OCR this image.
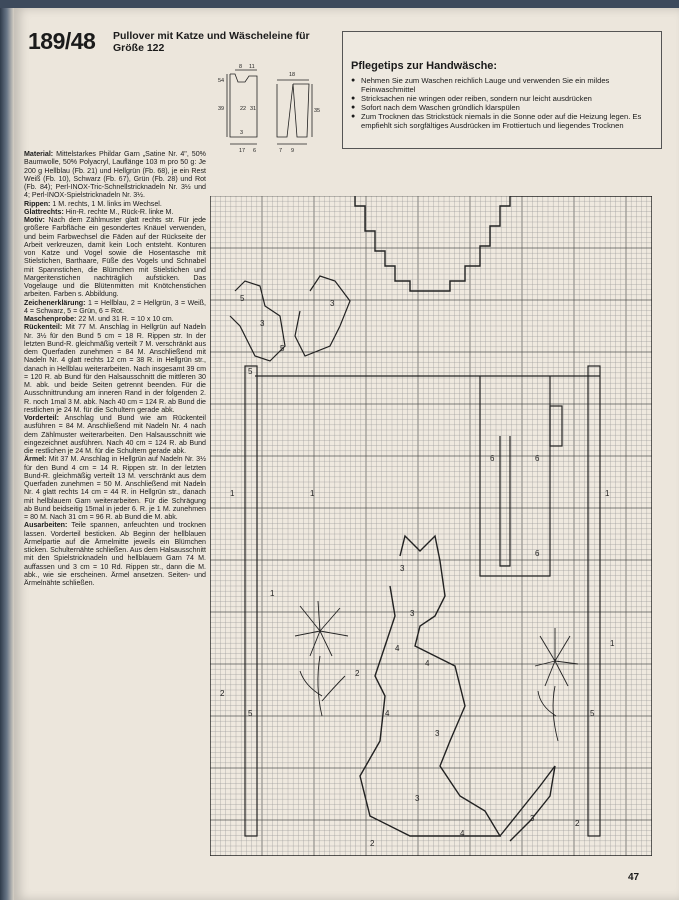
189/48 Pullover mit Katze und Wäscheleine für Größe 122
8 11
54
39
3
22 31	35
17 6
18
7 9
Pflegetips zur Handwäsche:
● Nehmen Sie zum Waschen reichlich Lauge und verwenden Sie ein mildes Feinwaschmittel
● Stricksachen nie wringen oder reiben, sondern nur leicht ausdrücken
● Sofort nach dem Waschen gründlich klarspülen
● Zum Trocknen das Strickstück niemals in die Sonne oder auf die Heizung legen. Es empfiehlt sich sorgfältiges Ausdrücken im Frottiertuch und liegendes Trocknen

Material: Mittelstarkes Phildar Garn „Satine Nr. 4", 50% Baumwolle, 50% Polyacryl, Lauflänge 103 m pro 50 g: Je 200 g Hellblau (Fb. 21) und Hellgrün (Fb. 68), je ein Rest Weiß (Fb. 10), Schwarz (Fb. 67), Grün (Fb. 28) und Rot (Fb. 84); Perl-INOX-Tric-Schnellstricknadeln Nr. 3½ und 4; Perl-INOX-Spielstricknadeln Nr. 3½.

Rippen: 1 M. rechts, 1 M. links im Wechsel.

Glattrechts: Hin-R. rechte M., Rück-R. linke M.

Motiv: Nach dem Zählmuster glatt rechts str. Für jede größere Farbfläche ein gesondertes Knäuel verwenden, und beim Farbwechsel die Fäden auf der Rückseite der Arbeit verkreuzen, damit kein Loch entsteht. Konturen von Katze und Vogel sowie die Hosentasche mit Stielstichen, Barthaare, Füße des Vogels und Schnabel mit Spannstichen, die Blümchen mit Stielstichen und Margeritenstichen nachträglich aufsticken. Das Vogelauge und die Blütenmitten mit Knötchenstichen arbeiten. Farben s. Abbildung.

Zeichenerklärung: 1 = Hellblau, 2 = Hellgrün, 3 = Weiß, 4 = Schwarz, 5 = Grün, 6 = Rot.

Maschenprobe: 22 M. und 31 R. = 10 x 10 cm.

Rückenteil: Mit 77 M. Anschlag in Hellgrün auf Nadeln Nr. 3½ für den Bund 5 cm = 18 R. Rippen str. In der letzten Bund-R. gleichmäßig verteilt 7 M. verschränkt aus dem Querfaden zunehmen = 84 M. Anschließend mit Nadeln Nr. 4 glatt rechts 12 cm = 38 R. in Hellgrün str., danach in Hellblau weiterarbeiten. Nach insgesamt 39 cm = 120 R. ab Bund für den Halsausschnitt die mittleren 30 M. abk. und beide Seiten getrennt beenden. Für die Ausschnittrundung am inneren Rand in der folgenden 2. R. noch 1mal 3 M. abk. Nach 40 cm = 124 R. ab Bund die restlichen je 24 M. für die Schultern gerade abk.

Vorderteil: Anschlag und Bund wie am Rückenteil ausführen = 84 M. Anschließend mit Nadeln Nr. 4 nach dem Zählmuster weiterarbeiten. Den Halsausschnitt wie eingezeichnet ausführen. Nach 40 cm = 124 R. ab Bund die restlichen je 24 M. für die Schultern gerade abk.

Ärmel: Mit 37 M. Anschlag in Hellgrün auf Nadeln Nr. 3½ für den Bund 4 cm = 14 R. Rippen str. In der letzten Bund-R. gleichmäßig verteilt 13 M. verschränkt aus dem Querfaden zunehmen = 50 M. Anschließend mit Nadeln Nr. 4 glatt rechts 14 cm = 44 R. in Hellgrün str., danach mit hellblauem Garn weiterarbeiten. Für die Schrägung ab Bund beidseitig 15mal in jeder 6. R. je 1 M. zunehmen = 80 M. Nach 31 cm = 96 R. ab Bund die M. abk.

Ausarbeiten: Teile spannen, anfeuchten und trocknen lassen. Vorderteil besticken. Ab Beginn der hellblauen Ärmelpartie auf die Ärmelmitte jeweils ein Blümchen sticken. Schulternähte schließen. Aus dem Halsausschnitt mit den Spielstricknadeln und hellblauem Garn 74 M. auffassen und 3 cm = 10 Rd. Rippen str., dann die M. abk., wie sie erscheinen. Ärmel ansetzen. Seiten- und Ärmelnähte schließen.

3
3
5
5
5
6	6
6
3
3
4
4
4
3
3
4
3
2
2
2
2
1	1	1
1
1
5	5
47
